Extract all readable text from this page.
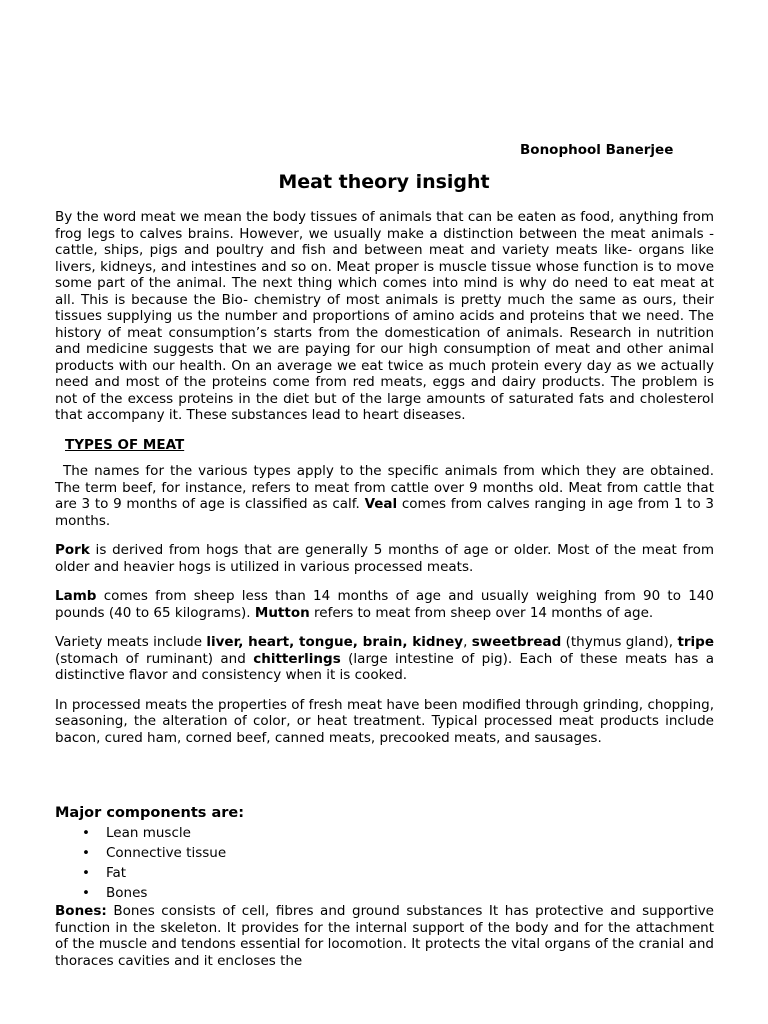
Bonophool Banerjee

Meat theory insight

By the word meat we mean the body tissues of animals that can be eaten as food, anything from frog legs to calves brains. However, we usually make a distinction between the meat animals -cattle, ships, pigs and poultry and fish and between meat and variety meats like- organs like livers, kidneys, and intestines and so on. Meat proper is muscle tissue whose function is to move some part of the animal. The next thing which comes into mind is why do need to eat meat at all. This is because the Bio- chemistry of most animals is pretty much the same as ours, their tissues supplying us the number and proportions of amino acids and proteins that we need. The history of meat consumption’s starts from the domestication of animals. Research in nutrition and medicine suggests that we are paying for our high consumption of meat and other animal products with our health. On an average we eat twice as much protein every day as we actually need and most of the proteins come from red meats, eggs and dairy products. The problem is not of the excess proteins in the diet but of the large amounts of saturated fats and cholesterol that accompany it. These substances lead to heart diseases.

TYPES OF MEAT

The names for the various types apply to the specific animals from which they are obtained. The term beef, for instance, refers to meat from cattle over 9 months old. Meat from cattle that are 3 to 9 months of age is classified as calf. Veal comes from calves ranging in age from 1 to 3 months.

Pork is derived from hogs that are generally 5 months of age or older. Most of the meat from older and heavier hogs is utilized in various processed meats.

Lamb comes from sheep less than 14 months of age and usually weighing from 90 to 140 pounds (40 to 65 kilograms). Mutton refers to meat from sheep over 14 months of age.

Variety meats include liver, heart, tongue, brain, kidney, sweetbread (thymus gland), tripe (stomach of ruminant) and chitterlings (large intestine of pig). Each of these meats has a distinctive flavor and consistency when it is cooked.

In processed meats the properties of fresh meat have been modified through grinding, chopping, seasoning, the alteration of color, or heat treatment. Typical processed meat products include bacon, cured ham, corned beef, canned meats, precooked meats, and sausages.

Major components are:
• Lean muscle
• Connective tissue
• Fat
• Bones

Bones: Bones consists of cell, fibres and ground substances It has protective and supportive function in the skeleton. It provides for the internal support of the body and for the attachment of the muscle and tendons essential for locomotion. It protects the vital organs of the cranial and thoraces cavities and it encloses the
